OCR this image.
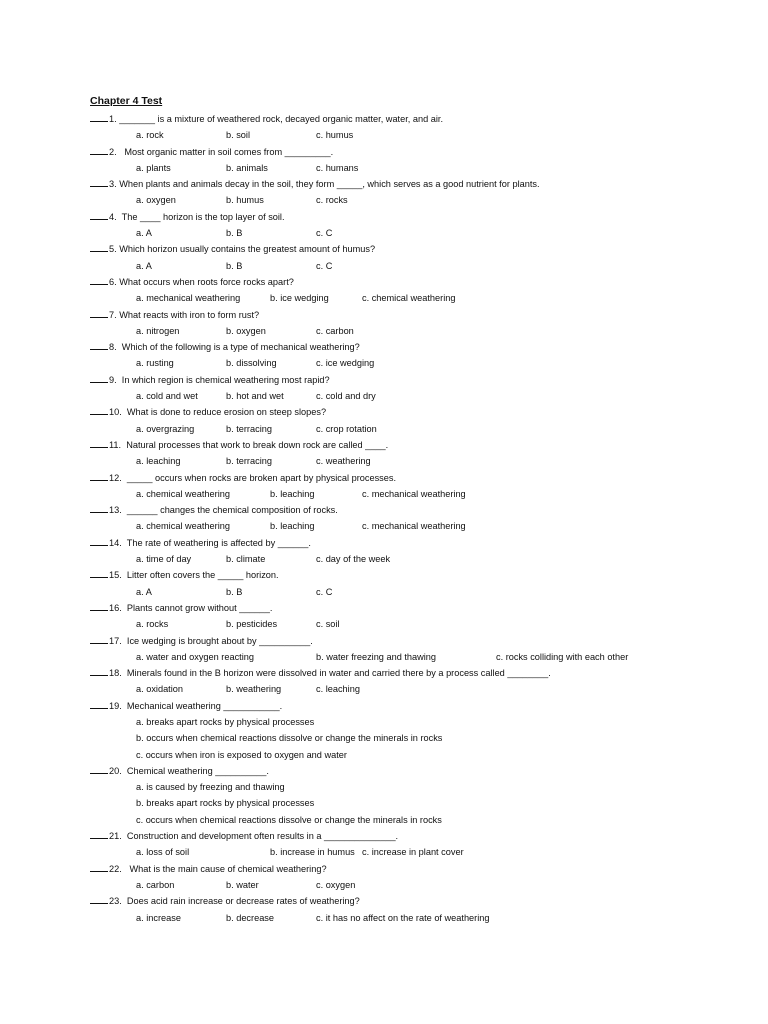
Chapter 4 Test
1. _______ is a mixture of weathered rock, decayed organic matter, water, and air.
a. rock	b. soil	c. humus
2.   Most organic matter in soil comes from _________.
a. plants	b. animals	c. humans
3. When plants and animals decay in the soil, they form _____, which serves as a good nutrient for plants.
a. oxygen	b. humus	c. rocks
4.  The ____ horizon is the top layer of soil.
a. A	b. B	c. C
5. Which horizon usually contains the greatest amount of humus?
a. A	b. B	c. C
6. What occurs when roots force rocks apart?
a. mechanical weathering	b. ice wedging	c. chemical weathering
7. What reacts with iron to form rust?
a. nitrogen	b. oxygen	c. carbon
8.  Which of the following is a type of mechanical weathering?
a. rusting	b. dissolving	c. ice wedging
9.  In which region is chemical weathering most rapid?
a. cold and wet	b. hot and wet	c. cold and dry
10.  What is done to reduce erosion on steep slopes?
a. overgrazing	b. terracing	c. crop rotation
11.  Natural processes that work to break down rock are called ____.
a. leaching	b. terracing	c. weathering
12.  _____ occurs when rocks are broken apart by physical processes.
a. chemical weathering	b. leaching	c. mechanical weathering
13.  ______ changes the chemical composition of rocks.
a. chemical weathering	b. leaching	c. mechanical weathering
14.  The rate of weathering is affected by ______.
a. time of day	b. climate	c. day of the week
15.  Litter often covers the _____ horizon.
a. A	b. B	c. C
16.  Plants cannot grow without ______.
a. rocks	b. pesticides	c. soil
17.  Ice wedging is brought about by __________.
a. water and oxygen reacting	b. water freezing and thawing	c. rocks colliding with each other
18.  Minerals found in the B horizon were dissolved in water and carried there by a process called ________.
a. oxidation	b. weathering	c. leaching
19.  Mechanical weathering ___________.
a. breaks apart rocks by physical processes
b. occurs when chemical reactions dissolve or change the minerals in rocks
c. occurs when iron is exposed to oxygen and water
20.  Chemical weathering __________.
a. is caused by freezing and thawing
b. breaks apart rocks by physical processes
c. occurs when chemical reactions dissolve or change the minerals in rocks
21.  Construction and development often results in a ______________.
a. loss of soil	b. increase in humus c. increase in plant cover
22.   What is the main cause of chemical weathering?
a. carbon	b. water	c. oxygen
23.  Does acid rain increase or decrease rates of weathering?
a. increase	b. decrease	c. it has no affect on the rate of weathering
